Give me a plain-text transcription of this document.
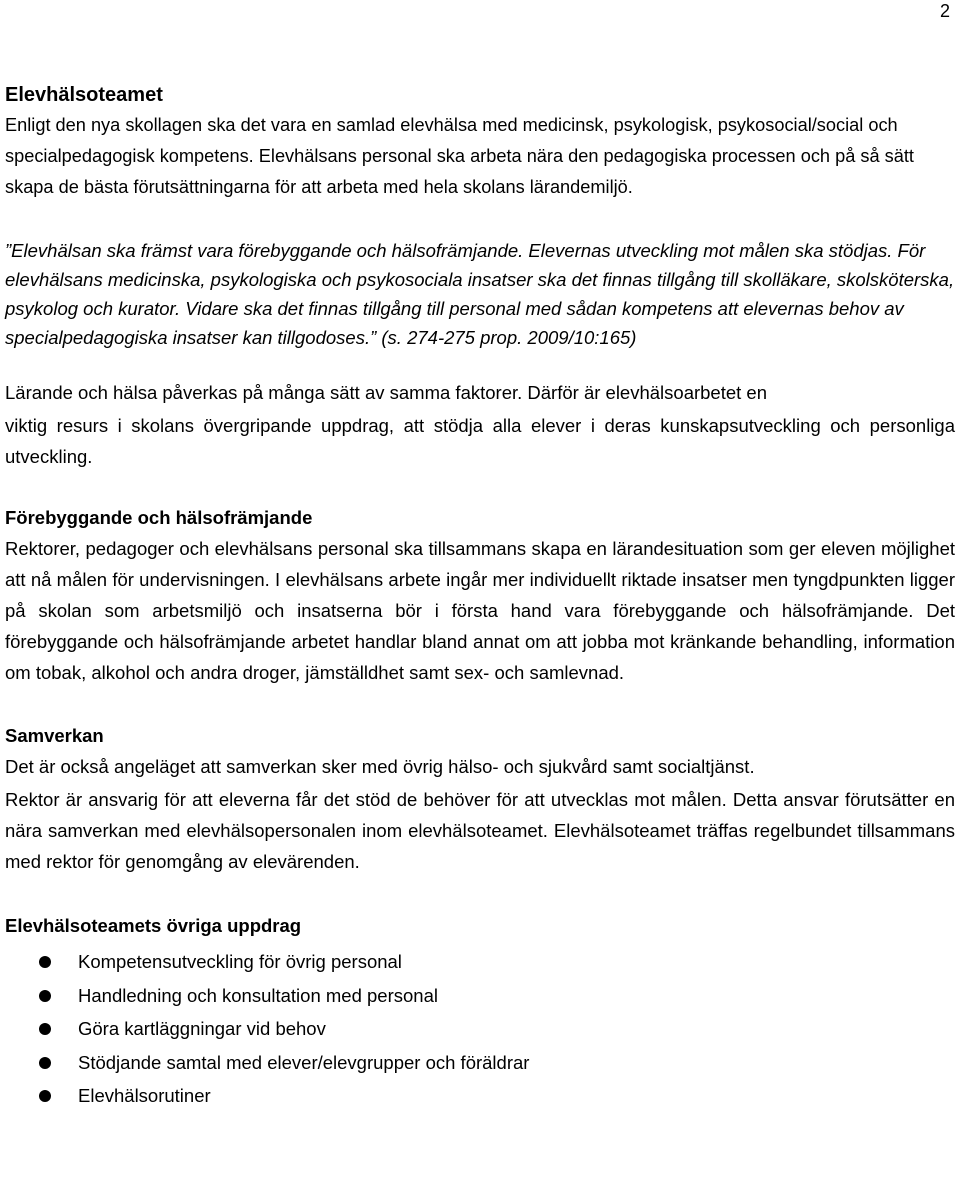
2
Elevhälsoteamet

Enligt den nya skollagen ska det vara en samlad elevhälsa med medicinsk, psykologisk, psykosocial/social och specialpedagogisk kompetens. Elevhälsans personal ska arbeta nära den pedagogiska processen och på så sätt skapa de bästa förutsättningarna för att arbeta med hela skolans lärandemiljö.

”Elevhälsan ska främst vara förebyggande och hälsofrämjande. Elevernas utveckling mot målen ska stödjas. För elevhälsans medicinska, psykologiska och psykosociala insatser ska det finnas tillgång till skolläkare, skolsköterska, psykolog och kurator. Vidare ska det finnas tillgång till personal med sådan kompetens att elevernas behov av specialpedagogiska insatser kan tillgodoses.” (s. 274-275 prop. 2009/10:165)

Lärande och hälsa påverkas på många sätt av samma faktorer. Därför är elevhälsoarbetet en

viktig resurs i skolans övergripande uppdrag, att stödja alla elever i deras kunskapsutveckling och personliga utveckling.

Förebyggande och hälsofrämjande

Rektorer, pedagoger och elevhälsans personal ska tillsammans skapa en lärandesituation som ger eleven möjlighet att nå målen för undervisningen. I elevhälsans arbete ingår mer individuellt riktade insatser men tyngdpunkten ligger på skolan som arbetsmiljö och insatserna bör i första hand vara förebyggande och hälsofrämjande. Det förebyggande och hälsofrämjande arbetet handlar bland annat om att jobba mot kränkande behandling, information om tobak, alkohol och andra droger, jämställdhet samt sex- och samlevnad.

Samverkan

Det är också angeläget att samverkan sker med övrig hälso- och sjukvård samt socialtjänst.

Rektor är ansvarig för att eleverna får det stöd de behöver för att utvecklas mot målen. Detta ansvar förutsätter en nära samverkan med elevhälsopersonalen inom elevhälsoteamet. Elevhälsoteamet träffas regelbundet tillsammans med rektor för genomgång av elevärenden.

Elevhälsoteamets övriga uppdrag
Kompetensutveckling för övrig personal
Handledning och konsultation med personal
Göra kartläggningar vid behov
Stödjande samtal med elever/elevgrupper och föräldrar
Elevhälsorutiner
